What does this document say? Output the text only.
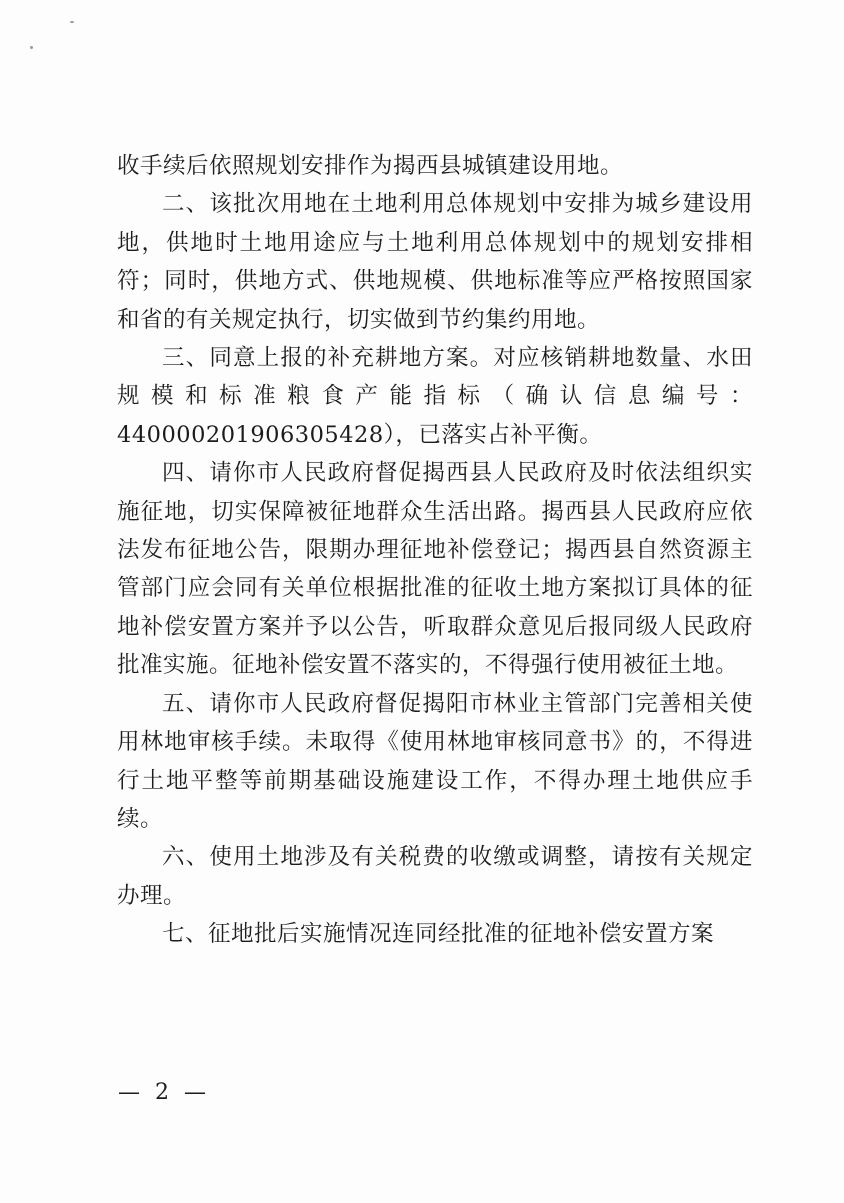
收手续后依照规划安排作为揭西县城镇建设用地。

二、该批次用地在土地利用总体规划中安排为城乡建设用地，供地时土地用途应与土地利用总体规划中的规划安排相符；同时，供地方式、供地规模、供地标准等应严格按照国家和省的有关规定执行，切实做到节约集约用地。

三、同意上报的补充耕地方案。对应核销耕地数量、水田规模和标准粮食产能指标（确认信息编号：

440000201906305428），已落实占补平衡。

四、请你市人民政府督促揭西县人民政府及时依法组织实施征地，切实保障被征地群众生活出路。揭西县人民政府应依法发布征地公告，限期办理征地补偿登记；揭西县自然资源主管部门应会同有关单位根据批准的征收土地方案拟订具体的征地补偿安置方案并予以公告，听取群众意见后报同级人民政府批准实施。征地补偿安置不落实的，不得强行使用被征土地。

五、请你市人民政府督促揭阳市林业主管部门完善相关使用林地审核手续。未取得《使用林地审核同意书》的，不得进行土地平整等前期基础设施建设工作，不得办理土地供应手续。

六、使用土地涉及有关税费的收缴或调整，请按有关规定办理。

七、征地批后实施情况连同经批准的征地补偿安置方案

— 2 —
